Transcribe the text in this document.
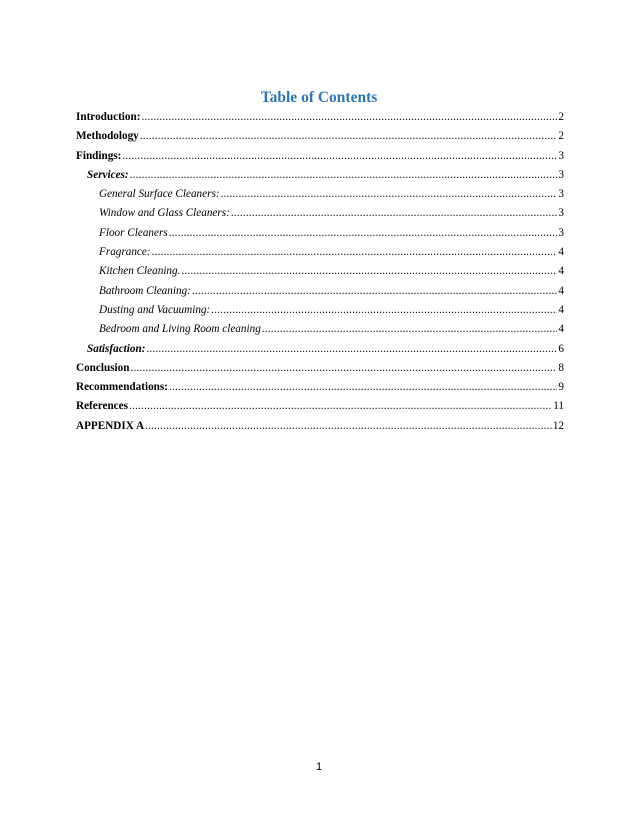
Table of Contents
Introduction: .....	2
Methodology .....	2
Findings: .....	3
Services: .....	3
General Surface Cleaners: .....	3
Window and Glass Cleaners: .....	3
Floor Cleaners .....	3
Fragrance: .....	4
Kitchen Cleaning. .....	4
Bathroom Cleaning: .....	4
Dusting and Vacuuming: .....	4
Bedroom and Living Room cleaning .....	4
Satisfaction: .....	6
Conclusion .....	8
Recommendations: .....	9
References .....	11
APPENDIX A .....	12
1
